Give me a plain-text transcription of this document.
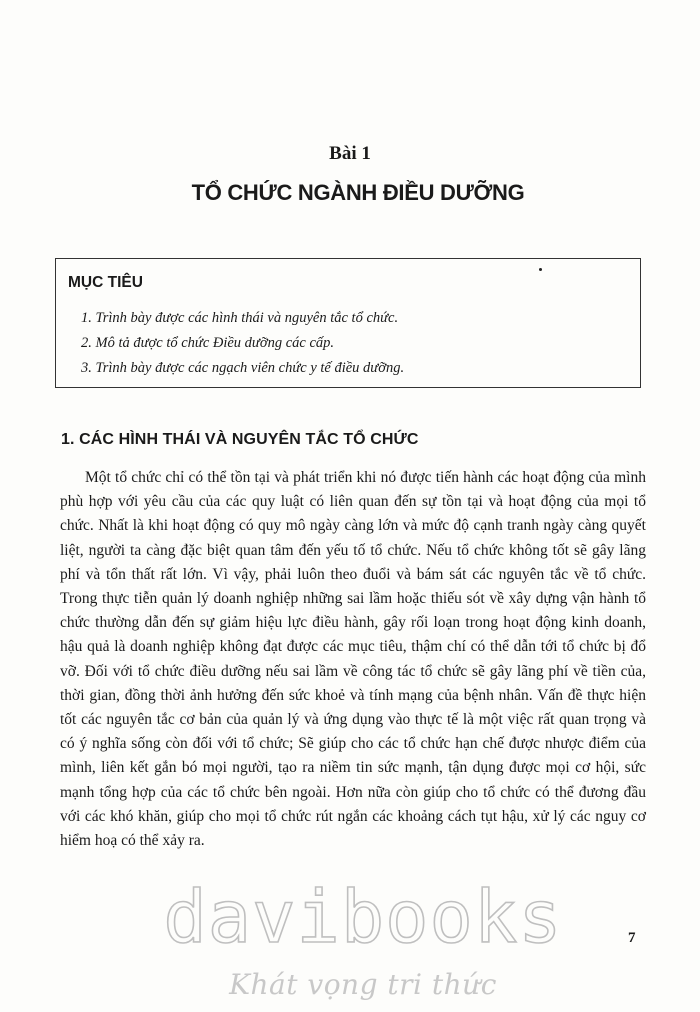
Bài 1
TỔ CHỨC NGÀNH ĐIỀU DƯỠNG
MỤC TIÊU
1. Trình bày được các hình thái và nguyên tắc tổ chức.
2. Mô tả được tổ chức Điều dưỡng các cấp.
3. Trình bày được các ngạch viên chức y tế điều dưỡng.
1. CÁC HÌNH THÁI VÀ NGUYÊN TẮC TỔ CHỨC

Một tổ chức chỉ có thể tồn tại và phát triển khi nó được tiến hành các hoạt động của mình phù hợp với yêu cầu của các quy luật có liên quan đến sự tồn tại và hoạt động của mọi tổ chức. Nhất là khi hoạt động có quy mô ngày càng lớn và mức độ cạnh tranh ngày càng quyết liệt, người ta càng đặc biệt quan tâm đến yếu tố tổ chức. Nếu tổ chức không tốt sẽ gây lãng phí và tổn thất rất lớn. Vì vậy, phải luôn theo đuổi và bám sát các nguyên tắc về tổ chức. Trong thực tiễn quản lý doanh nghiệp những sai lầm hoặc thiếu sót về xây dựng vận hành tổ chức thường dẫn đến sự giảm hiệu lực điều hành, gây rối loạn trong hoạt động kinh doanh, hậu quả là doanh nghiệp không đạt được các mục tiêu, thậm chí có thể dẫn tới tổ chức bị đổ vỡ. Đối với tổ chức điều dưỡng nếu sai lầm về công tác tổ chức sẽ gây lãng phí về tiền của, thời gian, đồng thời ảnh hưởng đến sức khoẻ và tính mạng của bệnh nhân. Vấn đề thực hiện tốt các nguyên tắc cơ bản của quản lý và ứng dụng vào thực tế là một việc rất quan trọng và có ý nghĩa sống còn đối với tổ chức; Sẽ giúp cho các tổ chức hạn chế được nhược điểm của mình, liên kết gắn bó mọi người, tạo ra niềm tin sức mạnh, tận dụng được mọi cơ hội, sức mạnh tổng hợp của các tổ chức bên ngoài. Hơn nữa còn giúp cho tổ chức có thể đương đầu với các khó khăn, giúp cho mọi tổ chức rút ngắn các khoảng cách tụt hậu, xử lý các nguy cơ hiểm hoạ có thể xảy ra.

7
davibooks
Khát vọng tri thức
